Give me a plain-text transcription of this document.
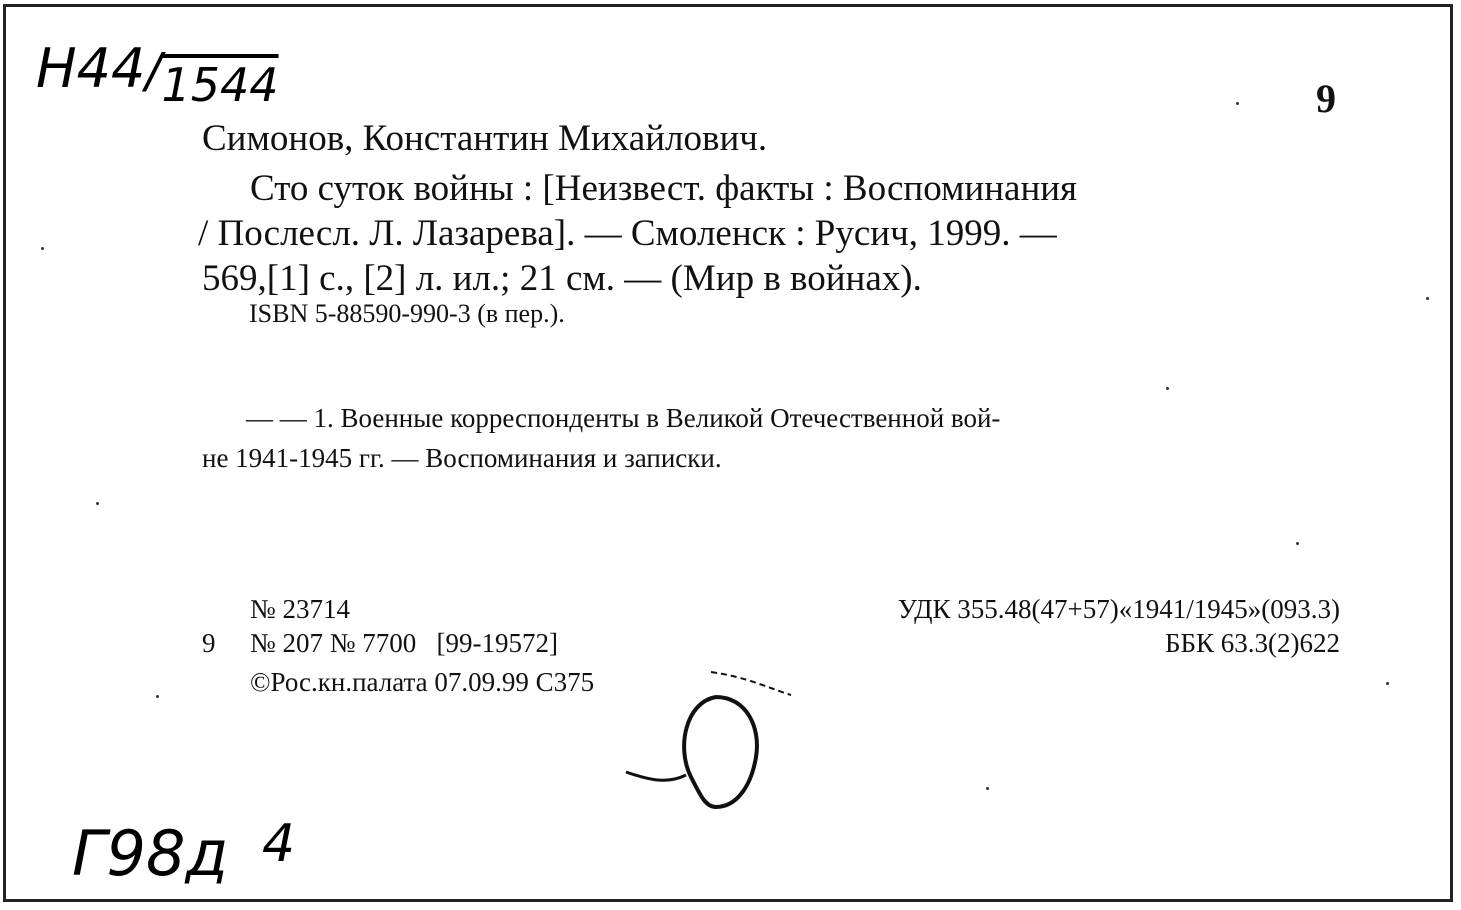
H44/1544	9
Симонов, Константин Михайлович.
Сто суток войны : [Неизвест. факты : Воспоминания
/ Послесл. Л. Лазарева]. — Смоленск : Русич, 1999. —
569,[1] с., [2] л. ил.; 21 см. — (Мир в войнах).
ISBN 5-88590-990-3 (в пер.).
— — 1. Военные корреспонденты в Великой Отечественной вой-
не 1941-1945 гг. — Воспоминания и записки.
№ 23714
9 № 207 № 7700   [99-19572]
©Рос.кн.палата 07.09.99 С375
УДК 355.48(47+57)«1941/1945»(093.3)
ББК 63.3(2)622
Г98д $^4$
